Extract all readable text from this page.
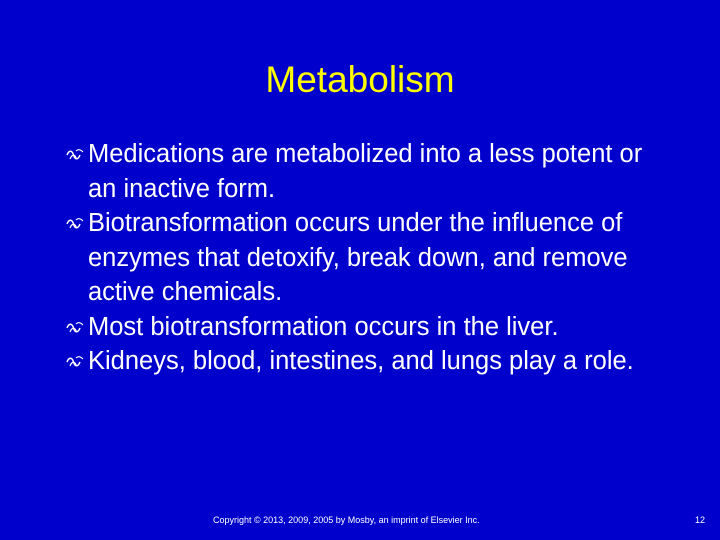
Metabolism
Medications are metabolized into a less potent or an inactive form.
Biotransformation occurs under the influence of enzymes that detoxify, break down, and remove active chemicals.
Most biotransformation occurs in the liver.
Kidneys, blood, intestines, and lungs play a role.
Copyright © 2013, 2009, 2005 by Mosby, an imprint of Elsevier Inc.	12
